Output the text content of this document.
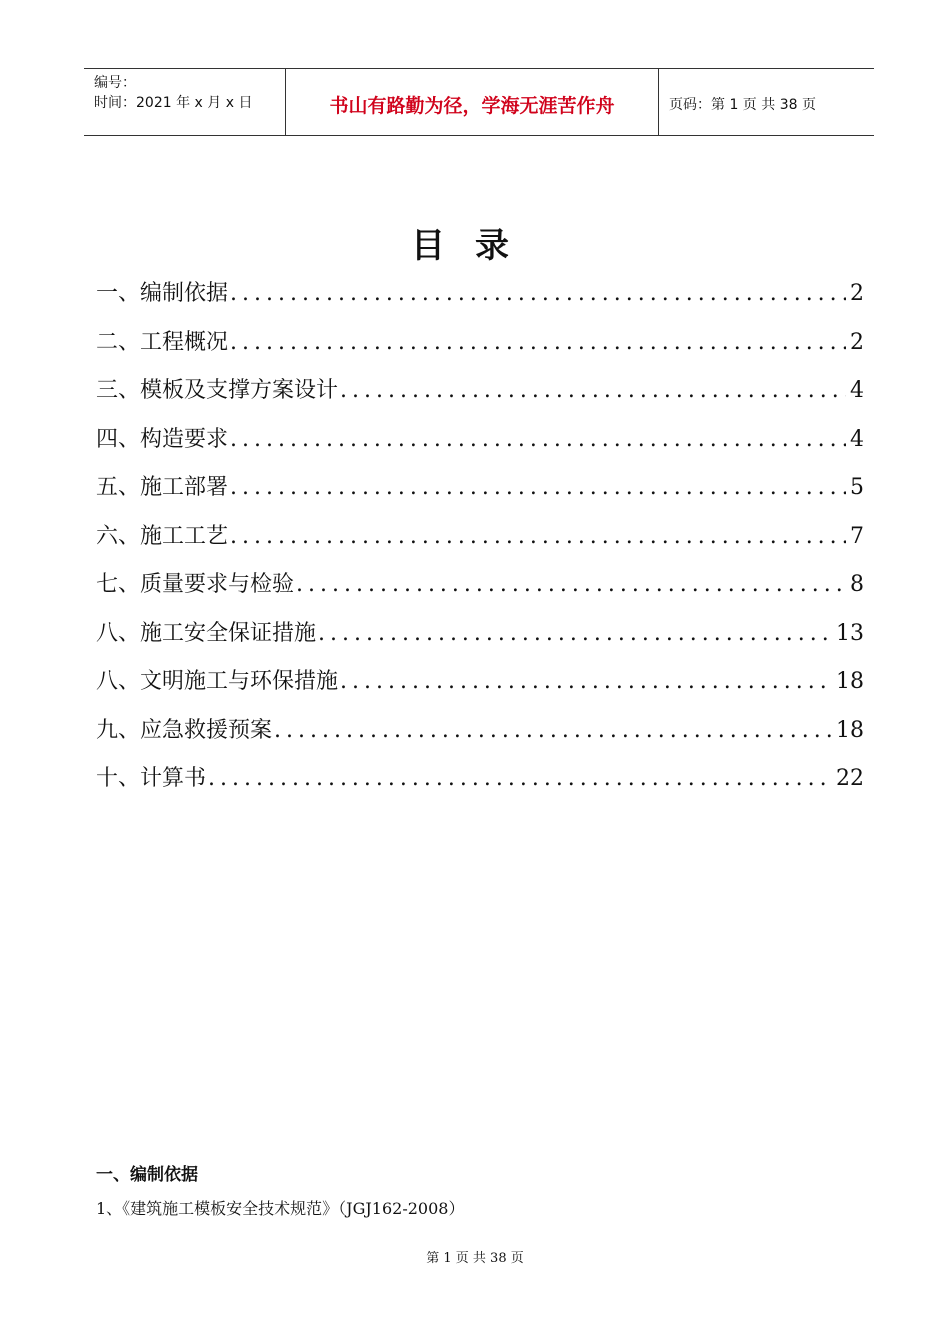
编号：
时间：2021 年 x 月 x 日	书山有路勤为径，学海无涯苦作舟	页码：第 1 页 共 38 页
目录
一、编制依据 .....	2
二、工程概况 .....	2
三、模板及支撑方案设计 .....	4
四、构造要求 .....	4
五、施工部署 .....	5
六、施工工艺 .....	7
七、质量要求与检验 .....	8
八、施工安全保证措施 .....	13
八、文明施工与环保措施 .....	18
九、应急救援预案 .....	18
十、计算书 .....	22
一、编制依据
1、《建筑施工模板安全技术规范》（JGJ162-2008）
第 1 页 共 38 页
